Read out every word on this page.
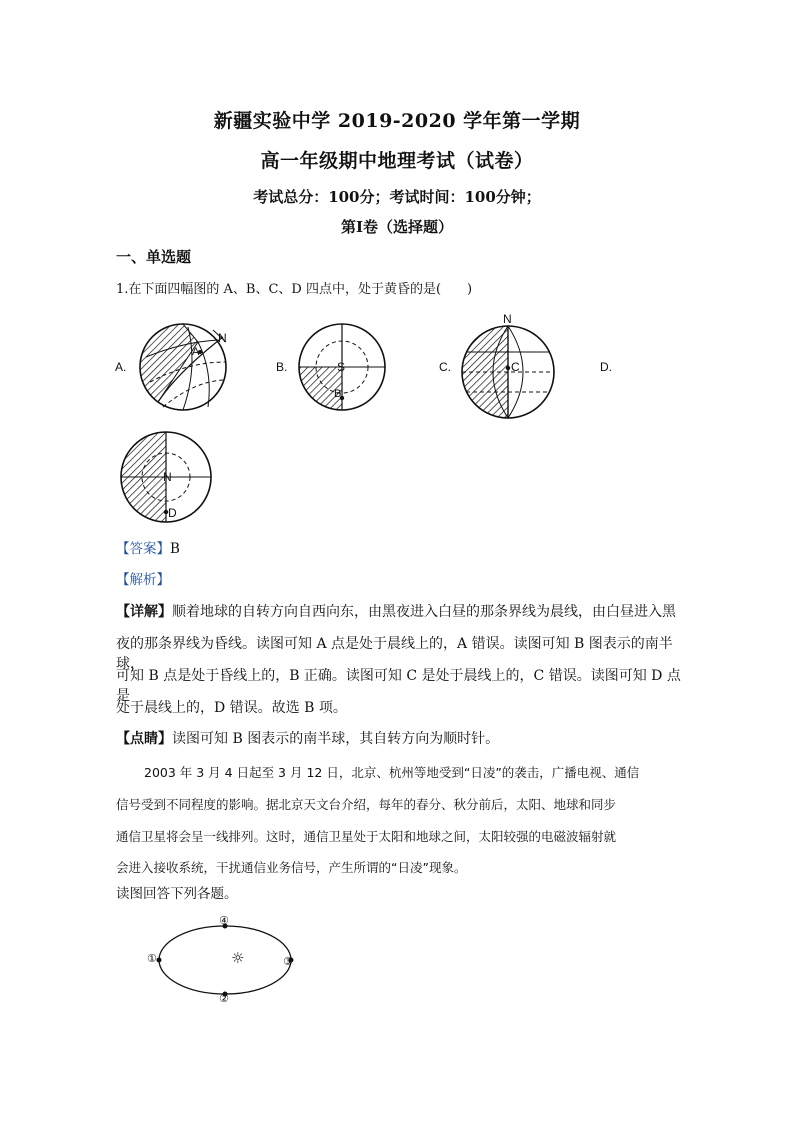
新疆实验中学 2019-2020 学年第一学期
高一年级期中地理考试（试卷）
考试总分：100分；考试时间：100分钟；
第Ⅰ卷（选择题）
一、单选题
1.在下面四幅图的 A、B、C、D 四点中，处于黄昏的是(　　)
A.	B.	C.	D.
N
A
S
B
N
C
N
D
【答案】B
【解析】
【详解】顺着地球的自转方向自西向东，由黑夜进入白昼的那条界线为晨线，由白昼进入黑
夜的那条界线为昏线。读图可知 A 点是处于晨线上的，A 错误。读图可知 B 图表示的南半球，
可知 B 点是处于昏线上的，B 正确。读图可知 C 是处于晨线上的，C 错误。读图可知 D 点是
处于晨线上的，D 错误。故选 B 项。
【点睛】读图可知 B 图表示的南半球，其自转方向为顺时针。
2003 年 3 月 4 日起至 3 月 12 日，北京、杭州等地受到“日凌”的袭击，广播电视、通信
信号受到不同程度的影响。据北京天文台介绍，每年的春分、秋分前后，太阳、地球和同步
通信卫星将会呈一线排列。这时，通信卫星处于太阳和地球之间，太阳较强的电磁波辐射就
会进入接收系统，干扰通信业务信号，产生所谓的“日凌”现象。
读图回答下列各题。
☼
①
②
③
④
